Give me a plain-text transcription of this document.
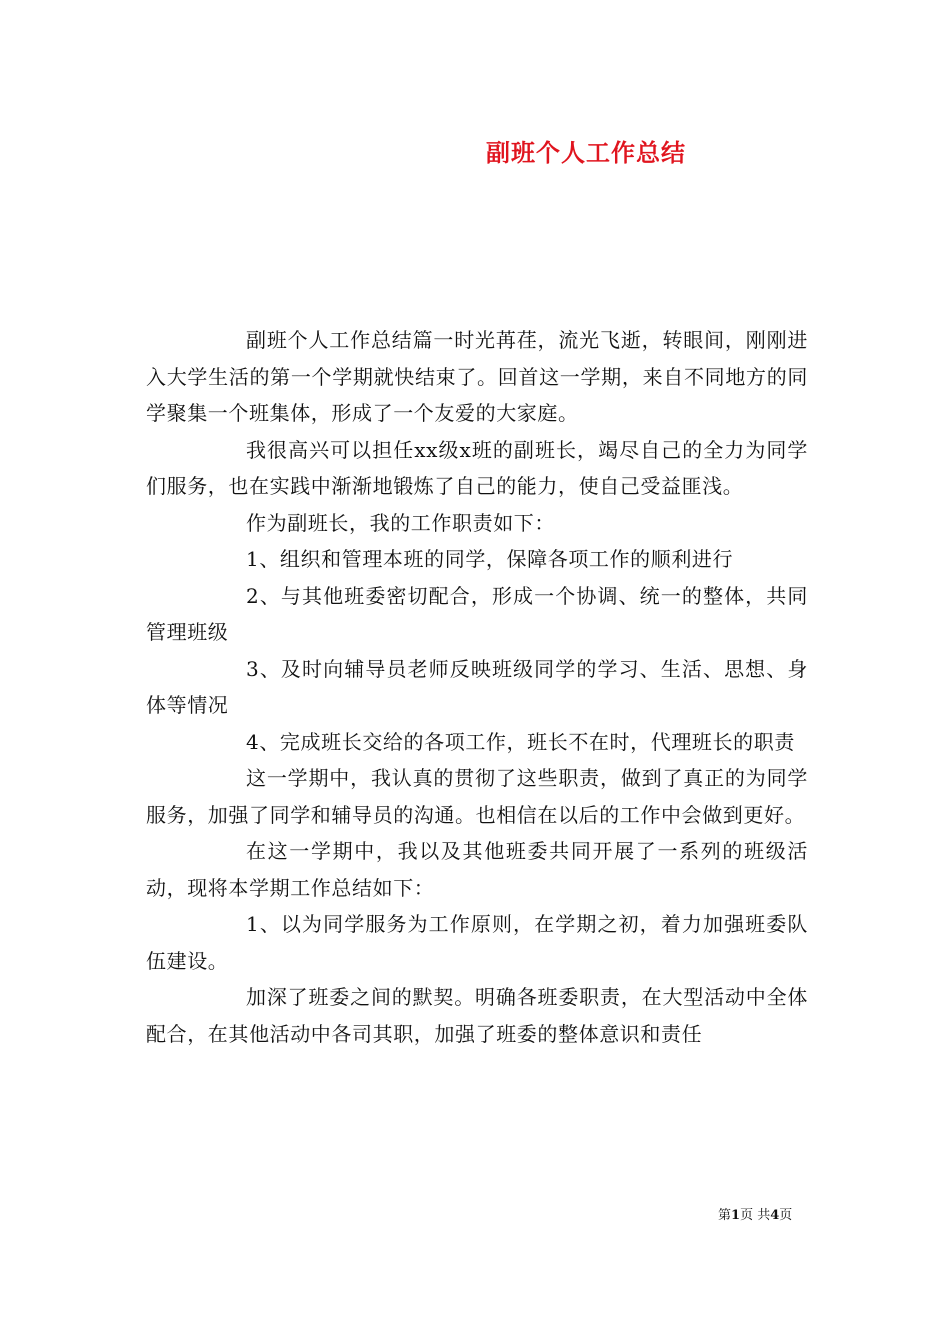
副班个人工作总结

副班个人工作总结篇一时光苒荏，流光飞逝，转眼间，刚刚进入大学生活的第一个学期就快结束了。回首这一学期，来自不同地方的同学聚集一个班集体，形成了一个友爱的大家庭。

我很高兴可以担任xx级x班的副班长，竭尽自己的全力为同学们服务，也在实践中渐渐地锻炼了自己的能力，使自己受益匪浅。

作为副班长，我的工作职责如下：

1、组织和管理本班的同学，保障各项工作的顺利进行

2、与其他班委密切配合，形成一个协调、统一的整体，共同管理班级

3、及时向辅导员老师反映班级同学的学习、生活、思想、身体等情况

4、完成班长交给的各项工作，班长不在时，代理班长的职责

这一学期中，我认真的贯彻了这些职责，做到了真正的为同学服务，加强了同学和辅导员的沟通。也相信在以后的工作中会做到更好。

在这一学期中，我以及其他班委共同开展了一系列的班级活动，现将本学期工作总结如下：

1、以为同学服务为工作原则，在学期之初，着力加强班委队伍建设。

加深了班委之间的默契。明确各班委职责，在大型活动中全体配合，在其他活动中各司其职，加强了班委的整体意识和责任

第1页 共4页
